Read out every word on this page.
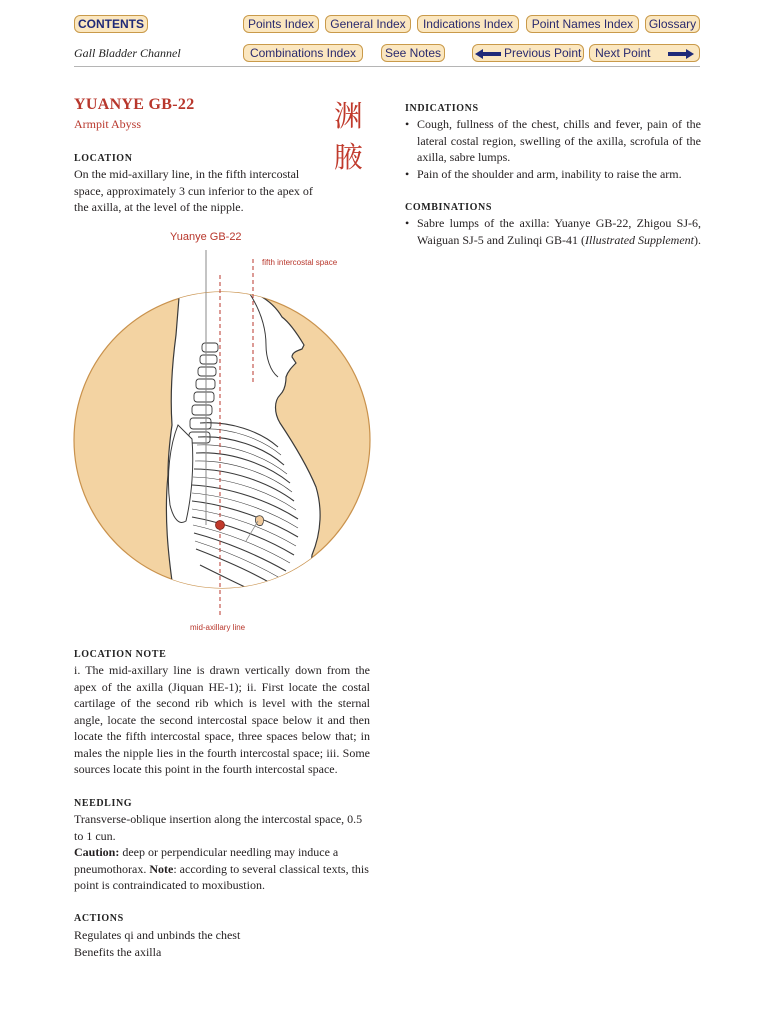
CONTENTS	Points Index	General Index	Indications Index	Point Names Index	Glossary
Gall Bladder Channel	Combinations Index	See Notes	Previous Point	Next Point
YUANYE GB-22
Armpit Abyss	渊腋
LOCATION
On the mid-axillary line, in the fifth intercostal space, approximately 3 cun inferior to the apex of the axilla, at the level of the nipple.
Yuanye GB-22
fifth intercostal space
mid-axillary line
LOCATION NOTE
i. The mid-axillary line is drawn vertically down from the apex of the axilla (Jiquan HE-1); ii. First locate the costal cartilage of the second rib which is level with the sternal angle, locate the second intercostal space below it and then locate the fifth intercostal space, three spaces below that; in males the nipple lies in the fourth intercostal space; iii. Some sources locate this point in the fourth intercostal space.
NEEDLING
Transverse-oblique insertion along the intercostal space, 0.5 to 1 cun.
Caution: deep or perpendicular needling may induce a pneumothorax. Note: according to several classical texts, this point is contraindicated to moxibustion.
ACTIONS
Regulates qi and unbinds the chest
Benefits the axilla
INDICATIONS
• Cough, fullness of the chest, chills and fever, pain of the lateral costal region, swelling of the axilla, scrofula of the axilla, sabre lumps.
• Pain of the shoulder and arm, inability to raise the arm.
COMBINATIONS
• Sabre lumps of the axilla: Yuanye GB-22, Zhigou SJ-6, Waiguan SJ-5 and Zulinqi GB-41 (Illustrated Supplement).
